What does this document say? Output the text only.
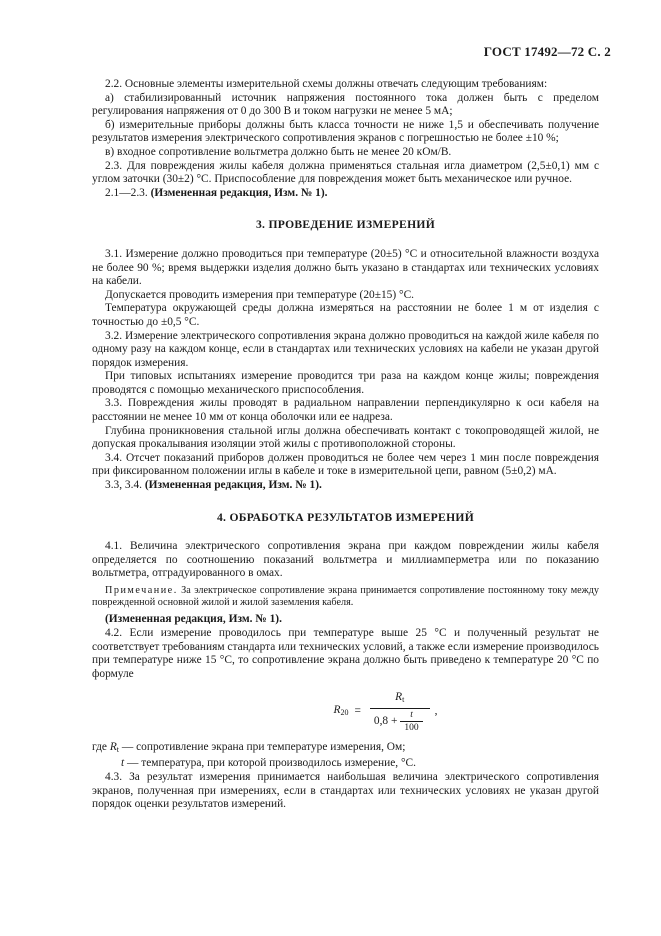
ГОСТ 17492—72 С. 2

2.2. Основные элементы измерительной схемы должны отвечать следующим требованиям:

а) стабилизированный источник напряжения постоянного тока должен быть с пределом регулирования напряжения от 0 до 300 В и током нагрузки не менее 5 мА;

б) измерительные приборы должны быть класса точности не ниже 1,5 и обеспечивать получение результатов измерения электрического сопротивления экранов с погрешностью не более ±10 %;

в) входное сопротивление вольтметра должно быть не менее 20 кОм/В.

2.3. Для повреждения жилы кабеля должна применяться стальная игла диаметром (2,5±0,1) мм с углом заточки (30±2) °С. Приспособление для повреждения может быть механическое или ручное.

2.1—2.3. (Измененная редакция, Изм. № 1).

3. ПРОВЕДЕНИЕ ИЗМЕРЕНИЙ

3.1. Измерение должно проводиться при температуре (20±5) °С и относительной влажности воздуха не более 90 %; время выдержки изделия должно быть указано в стандартах или технических условиях на кабели.

Допускается проводить измерения при температуре (20±15) °С.

Температура окружающей среды должна измеряться на расстоянии не более 1 м от изделия с точностью до ±0,5 °С.

3.2. Измерение электрического сопротивления экрана должно проводиться на каждой жиле кабеля по одному разу на каждом конце, если в стандартах или технических условиях на кабели не указан другой порядок измерения.

При типовых испытаниях измерение проводится три раза на каждом конце жилы; повреждения проводятся с помощью механического приспособления.

3.3. Повреждения жилы проводят в радиальном направлении перпендикулярно к оси кабеля на расстоянии не менее 10 мм от конца оболочки или ее надреза.

Глубина проникновения стальной иглы должна обеспечивать контакт с токопроводящей жилой, не допуская прокалывания изоляции этой жилы с противоположной стороны.

3.4. Отсчет показаний приборов должен проводиться не более чем через 1 мин после повреждения при фиксированном положении иглы в кабеле и токе в измерительной цепи, равном (5±0,2) мА.

3.3, 3.4. (Измененная редакция, Изм. № 1).

4. ОБРАБОТКА РЕЗУЛЬТАТОВ ИЗМЕРЕНИЙ

4.1. Величина электрического сопротивления экрана при каждом повреждении жилы кабеля определяется по соотношению показаний вольтметра и миллиамперметра или по показанию вольтметра, отградуированного в омах.

Примечание. За электрическое сопротивление экрана принимается сопротивление постоянному току между поврежденной основной жилой и жилой заземления кабеля.

(Измененная редакция, Изм. № 1).

4.2. Если измерение проводилось при температуре выше 25 °С и полученный результат не соответствует требованиям стандарта или технических условий, а также если измерение производилось при температуре ниже 15 °С, то сопротивление экрана должно быть приведено к температуре 20 °С по формуле

$R_{20} = \frac{R_t}{0,8 + \frac{t}{100}}$ ,

где $R_t$ — сопротивление экрана при температуре измерения, Ом;

t — температура, при которой производилось измерение, °С.

4.3. За результат измерения принимается наибольшая величина электрического сопротивления экранов, полученная при измерениях, если в стандартах или технических условиях не указан другой порядок оценки результатов измерений.
